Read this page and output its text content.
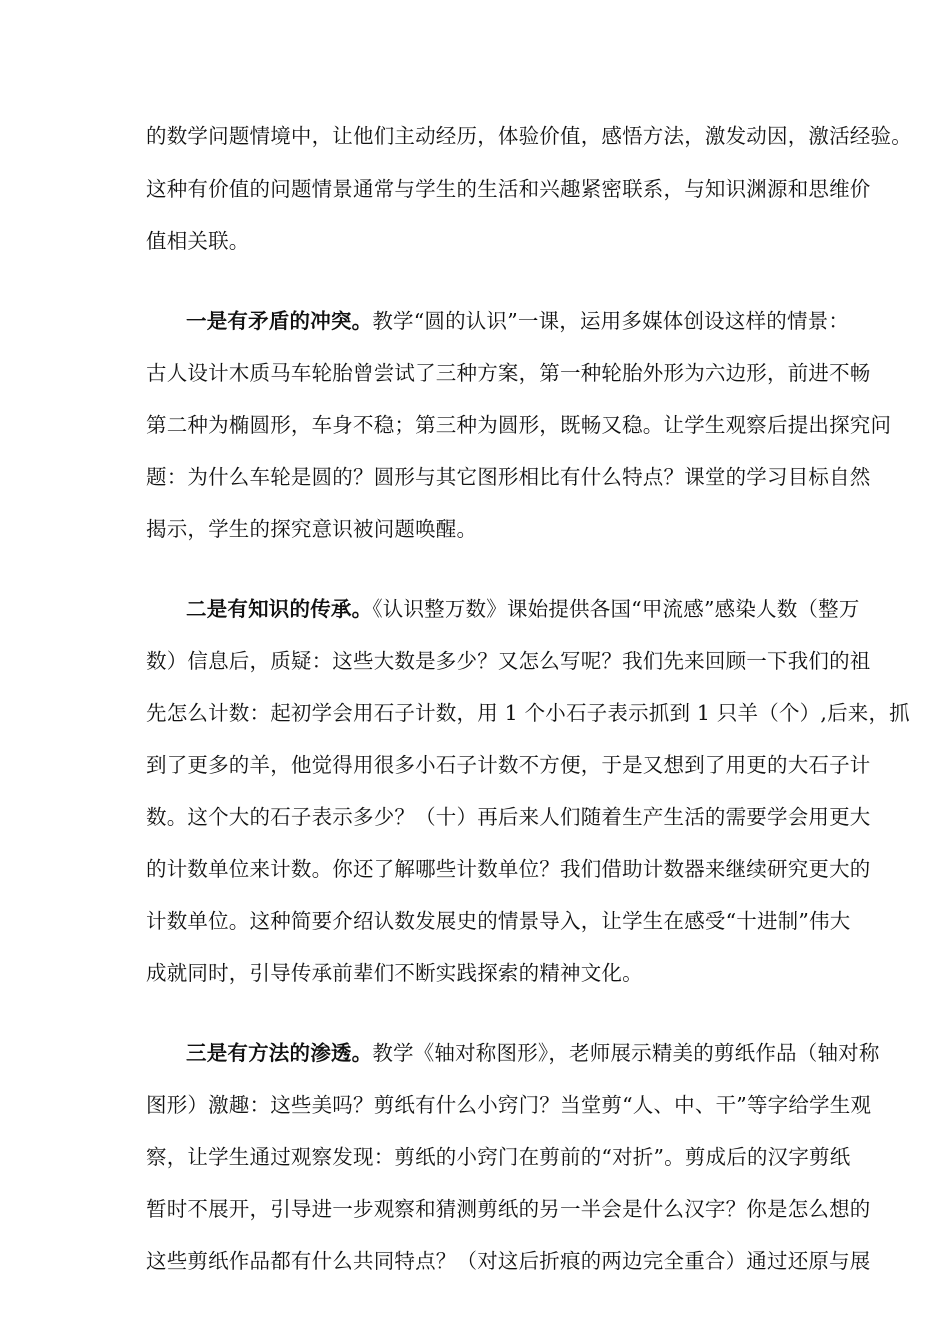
的数学问题情境中，让他们主动经历，体验价值，感悟方法，激发动因，激活经验。
这种有价值的问题情景通常与学生的生活和兴趣紧密联系，与知识渊源和思维价
值相关联。
一是有矛盾的冲突。教学“圆的认识”一课，运用多媒体创设这样的情景：
古人设计木质马车轮胎曾尝试了三种方案，第一种轮胎外形为六边形，前进不畅
第二种为椭圆形，车身不稳；第三种为圆形，既畅又稳。让学生观察后提出探究问
题：为什么车轮是圆的？圆形与其它图形相比有什么特点？课堂的学习目标自然
揭示，学生的探究意识被问题唤醒。
二是有知识的传承。《认识整万数》课始提供各国“甲流感”感染人数（整万
数）信息后，质疑：这些大数是多少？又怎么写呢？我们先来回顾一下我们的祖
先怎么计数：起初学会用石子计数，用 1 个小石子表示抓到 1 只羊（个）,后来，抓
到了更多的羊，他觉得用很多小石子计数不方便，于是又想到了用更的大石子计
数。这个大的石子表示多少？（十）再后来人们随着生产生活的需要学会用更大
的计数单位来计数。你还了解哪些计数单位？我们借助计数器来继续研究更大的
计数单位。这种简要介绍认数发展史的情景导入，让学生在感受“十进制”伟大
成就同时，引导传承前辈们不断实践探索的精神文化。
三是有方法的渗透。教学《轴对称图形》，老师展示精美的剪纸作品（轴对称
图形）激趣：这些美吗？剪纸有什么小窍门？当堂剪“人、中、干”等字给学生观
察，让学生通过观察发现：剪纸的小窍门在剪前的“对折”。剪成后的汉字剪纸
暂时不展开，引导进一步观察和猜测剪纸的另一半会是什么汉字？你是怎么想的
这些剪纸作品都有什么共同特点？（对这后折痕的两边完全重合）通过还原与展
